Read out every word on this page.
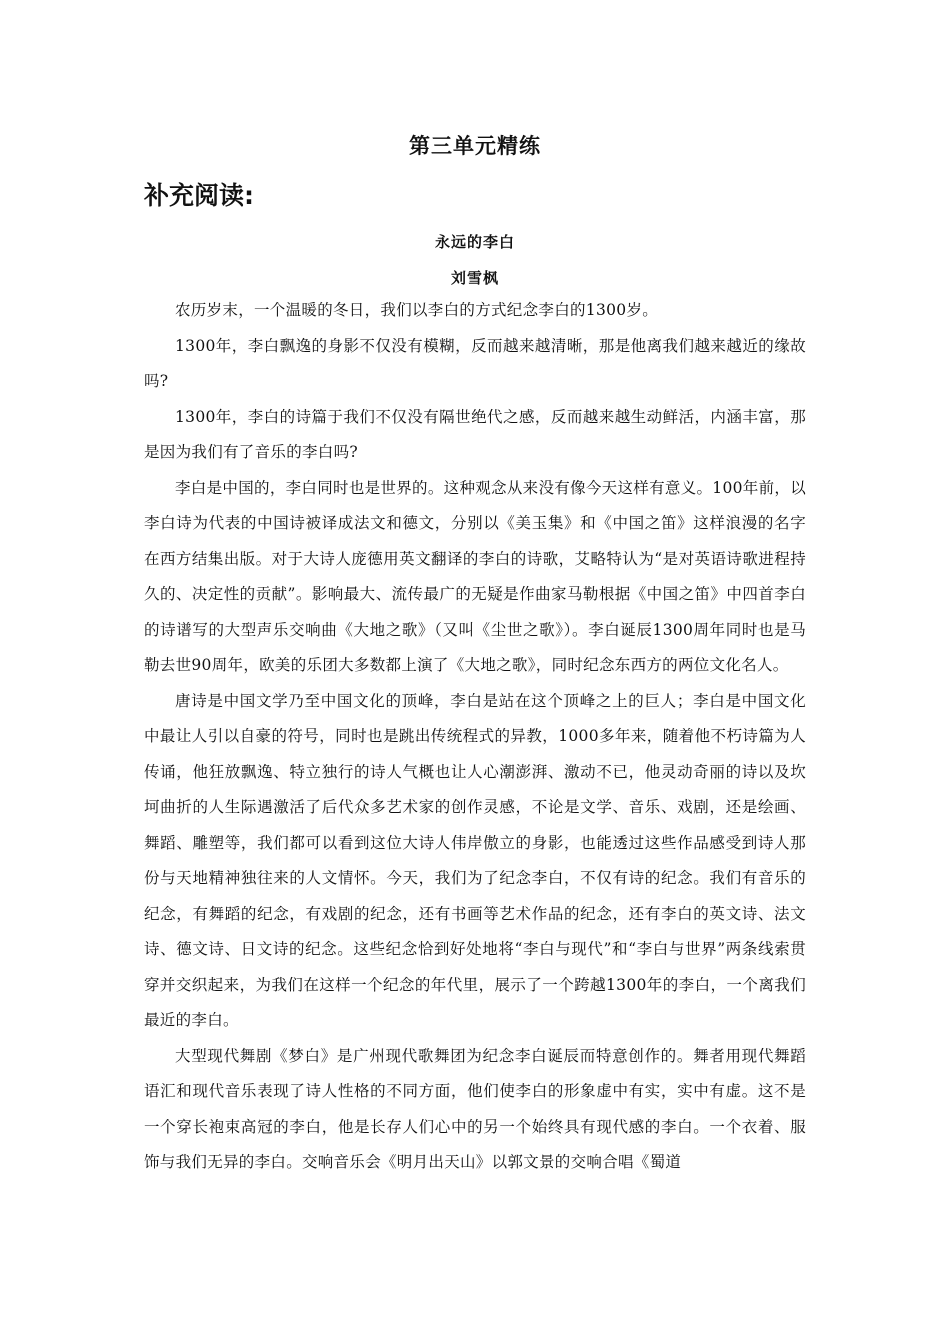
第三单元精练
补充阅读:
永远的李白
刘雪枫

农历岁末，一个温暖的冬日，我们以李白的方式纪念李白的1300岁。

1300年，李白飘逸的身影不仅没有模糊，反而越来越清晰，那是他离我们越来越近的缘故吗?

1300年，李白的诗篇于我们不仅没有隔世绝代之感，反而越来越生动鲜活，内涵丰富，那是因为我们有了音乐的李白吗?

李白是中国的，李白同时也是世界的。这种观念从来没有像今天这样有意义。100年前，以李白诗为代表的中国诗被译成法文和德文，分别以《美玉集》和《中国之笛》这样浪漫的名字在西方结集出版。对于大诗人庞德用英文翻译的李白的诗歌，艾略特认为“是对英语诗歌进程持久的、决定性的贡献”。影响最大、流传最广的无疑是作曲家马勒根据《中国之笛》中四首李白的诗谱写的大型声乐交响曲《大地之歌》（又叫《尘世之歌》）。李白诞辰1300周年同时也是马勒去世90周年，欧美的乐团大多数都上演了《大地之歌》，同时纪念东西方的两位文化名人。

唐诗是中国文学乃至中国文化的顶峰，李白是站在这个顶峰之上的巨人；李白是中国文化中最让人引以自豪的符号，同时也是跳出传统程式的异教，1000多年来，随着他不朽诗篇为人传诵，他狂放飘逸、特立独行的诗人气概也让人心潮澎湃、激动不已，他灵动奇丽的诗以及坎坷曲折的人生际遇激活了后代众多艺术家的创作灵感，不论是文学、音乐、戏剧，还是绘画、舞蹈、雕塑等，我们都可以看到这位大诗人伟岸傲立的身影，也能透过这些作品感受到诗人那份与天地精神独往来的人文情怀。今天，我们为了纪念李白，不仅有诗的纪念。我们有音乐的纪念，有舞蹈的纪念，有戏剧的纪念，还有书画等艺术作品的纪念，还有李白的英文诗、法文诗、德文诗、日文诗的纪念。这些纪念恰到好处地将“李白与现代”和“李白与世界”两条线索贯穿并交织起来，为我们在这样一个纪念的年代里，展示了一个跨越1300年的李白，一个离我们最近的李白。

大型现代舞剧《梦白》是广州现代歌舞团为纪念李白诞辰而特意创作的。舞者用现代舞蹈语汇和现代音乐表现了诗人性格的不同方面，他们使李白的形象虚中有实，实中有虚。这不是一个穿长袍束高冠的李白，他是长存人们心中的另一个始终具有现代感的李白。一个衣着、服饰与我们无异的李白。交响音乐会《明月出天山》以郭文景的交响合唱《蜀道
